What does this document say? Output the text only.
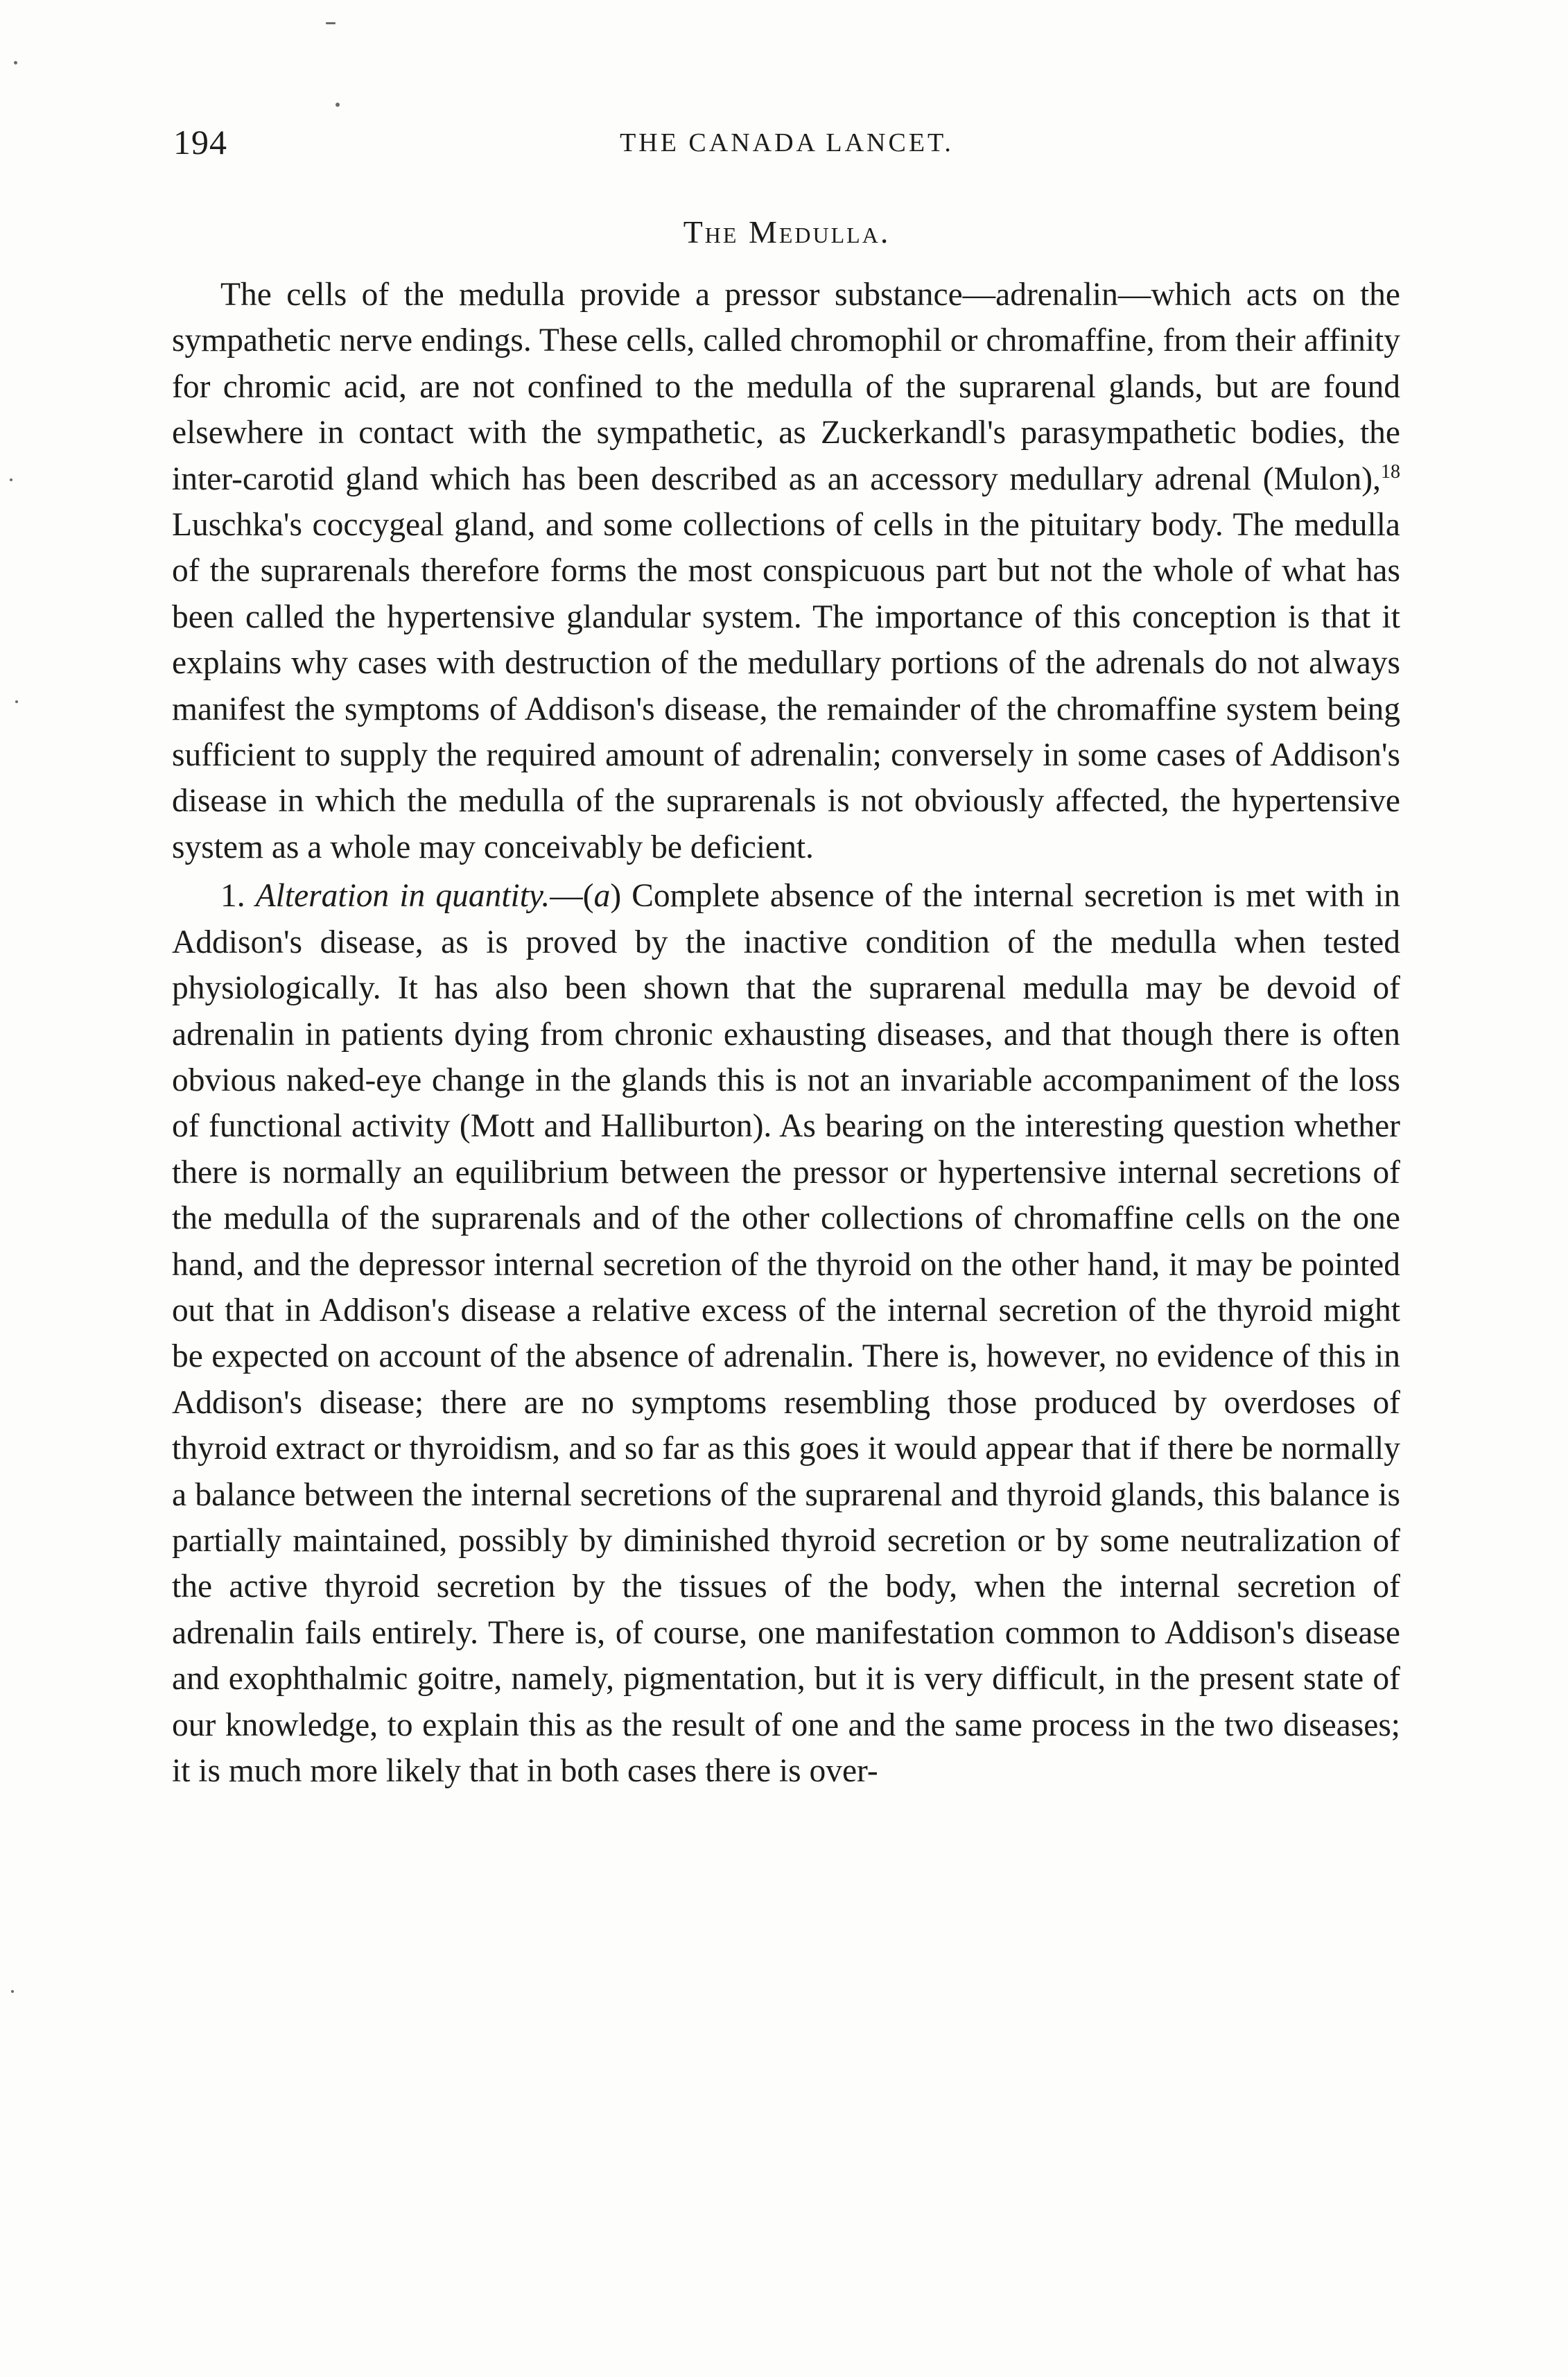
194	THE CANADA LANCET.
The Medulla.

The cells of the medulla provide a pressor substance—adrenalin—which acts on the sympathetic nerve endings. These cells, called chromophil or chromaffine, from their affinity for chromic acid, are not confined to the medulla of the suprarenal glands, but are found elsewhere in contact with the sympathetic, as Zuckerkandl's parasympathetic bodies, the inter-carotid gland which has been described as an accessory medullary adrenal (Mulon),$^{18}$ Luschka's coccygeal gland, and some collections of cells in the pituitary body. The medulla of the suprarenals therefore forms the most conspicuous part but not the whole of what has been called the hypertensive glandular system. The importance of this conception is that it explains why cases with destruction of the medullary portions of the adrenals do not always manifest the symptoms of Addison's disease, the remainder of the chromaffine system being sufficient to supply the required amount of adrenalin; conversely in some cases of Addison's disease in which the medulla of the suprarenals is not obviously affected, the hypertensive system as a whole may conceivably be deficient.

1. Alteration in quantity.—(a) Complete absence of the internal secretion is met with in Addison's disease, as is proved by the inactive condition of the medulla when tested physiologically. It has also been shown that the suprarenal medulla may be devoid of adrenalin in patients dying from chronic exhausting diseases, and that though there is often obvious naked-eye change in the glands this is not an invariable accompaniment of the loss of functional activity (Mott and Halliburton). As bearing on the interesting question whether there is normally an equilibrium between the pressor or hypertensive internal secretions of the medulla of the suprarenals and of the other collections of chromaffine cells on the one hand, and the depressor internal secretion of the thyroid on the other hand, it may be pointed out that in Addison's disease a relative excess of the internal secretion of the thyroid might be expected on account of the absence of adrenalin. There is, however, no evidence of this in Addison's disease; there are no symptoms resembling those produced by overdoses of thyroid extract or thyroidism, and so far as this goes it would appear that if there be normally a balance between the internal secretions of the suprarenal and thyroid glands, this balance is partially maintained, possibly by diminished thyroid secretion or by some neutralization of the active thyroid secretion by the tissues of the body, when the internal secretion of adrenalin fails entirely. There is, of course, one manifestation common to Addison's disease and exophthalmic goitre, namely, pigmentation, but it is very difficult, in the present state of our knowledge, to explain this as the result of one and the same process in the two diseases; it is much more likely that in both cases there is over-
